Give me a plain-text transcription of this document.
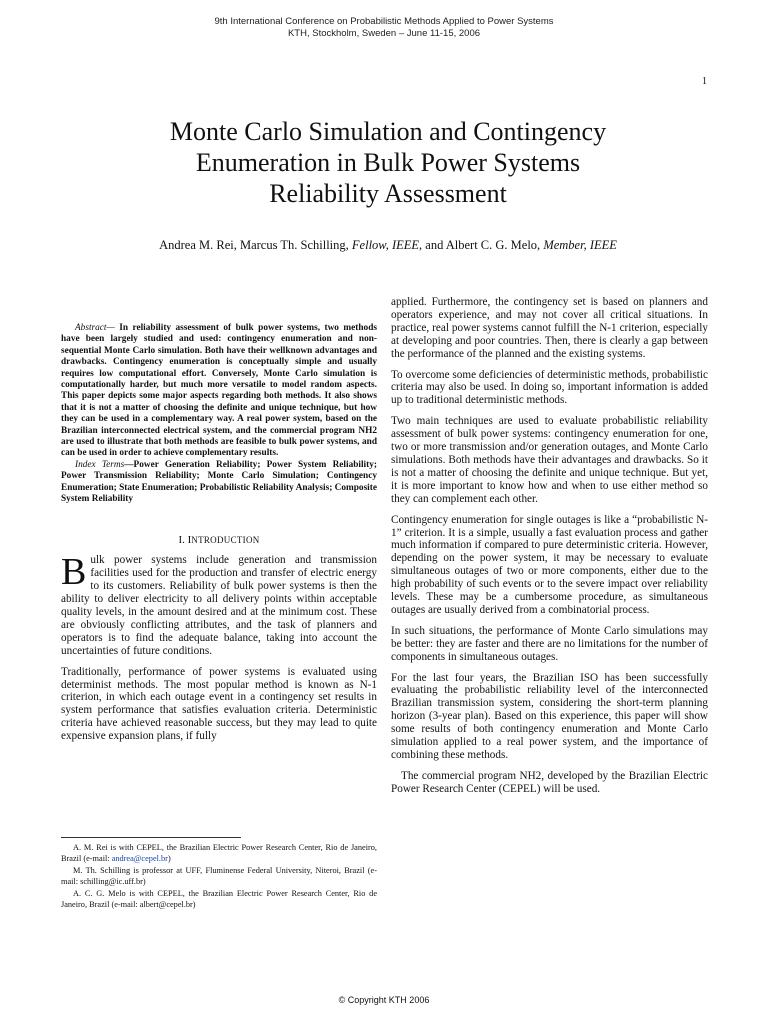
9th International Conference on Probabilistic Methods Applied to Power Systems
KTH, Stockholm, Sweden – June 11-15, 2006
1
Monte Carlo Simulation and Contingency
Enumeration in Bulk Power Systems
Reliability Assessment
Andrea M. Rei, Marcus Th. Schilling, Fellow, IEEE, and Albert C. G. Melo, Member, IEEE

Abstract— In reliability assessment of bulk power systems, two methods have been largely studied and used: contingency enumeration and non-sequential Monte Carlo simulation. Both have their wellknown advantages and drawbacks. Contingency enumeration is conceptually simple and usually requires low computational effort. Conversely, Monte Carlo simulation is computationally harder, but much more versatile to model random aspects. This paper depicts some major aspects regarding both methods. It also shows that it is not a matter of choosing the definite and unique technique, but how they can be used in a complementary way. A real power system, based on the Brazilian interconnected electrical system, and the commercial program NH2 are used to illustrate that both methods are feasible to bulk power systems, and can be used in order to achieve complementary results.

Index Terms—Power Generation Reliability; Power System Reliability; Power Transmission Reliability; Monte Carlo Simulation; Contingency Enumeration; State Enumeration; Probabilistic Reliability Analysis; Composite System Reliability

I. INTRODUCTION

Bulk power systems include generation and transmission facilities used for the production and transfer of electric energy to its customers. Reliability of bulk power systems is then the ability to deliver electricity to all delivery points within acceptable quality levels, in the amount desired and at the minimum cost. These are obviously conflicting attributes, and the task of planners and operators is to find the adequate balance, taking into account the uncertainties of future conditions.

Traditionally, performance of power systems is evaluated using determinist methods. The most popular method is known as N-1 criterion, in which each outage event in a contingency set results in system performance that satisfies evaluation criteria. Deterministic criteria have achieved reasonable success, but they may lead to quite expensive expansion plans, if fully

A. M. Rei is with CEPEL, the Brazilian Electric Power Research Center, Rio de Janeiro, Brazil (e-mail: andrea@cepel.br)

M. Th. Schilling is professor at UFF, Fluminense Federal University, Niteroi, Brazil (e-mail: schilling@ic.uff.br)

A. C. G. Melo is with CEPEL, the Brazilian Electric Power Research Center, Rio de Janeiro, Brazil (e-mail: albert@cepel.br)

applied. Furthermore, the contingency set is based on planners and operators experience, and may not cover all critical situations. In practice, real power systems cannot fulfill the N-1 criterion, especially at developing and poor countries. Then, there is clearly a gap between the performance of the planned and the existing systems.

To overcome some deficiencies of deterministic methods, probabilistic criteria may also be used. In doing so, important information is added up to traditional deterministic methods.

Two main techniques are used to evaluate probabilistic reliability assessment of bulk power systems: contingency enumeration for one, two or more transmission and/or generation outages, and Monte Carlo simulations. Both methods have their advantages and drawbacks. So it is not a matter of choosing the definite and unique technique. But yet, it is more important to know how and when to use either method so they can complement each other.

Contingency enumeration for single outages is like a “probabilistic N-1” criterion. It is a simple, usually a fast evaluation process and gather much information if compared to pure deterministic criteria. However, depending on the power system, it may be necessary to evaluate simultaneous outages of two or more components, either due to the high probability of such events or to the severe impact over reliability levels. These may be a cumbersome procedure, as simultaneous outages are usually derived from a combinatorial process.

In such situations, the performance of Monte Carlo simulations may be better: they are faster and there are no limitations for the number of components in simultaneous outages.

For the last four years, the Brazilian ISO has been successfully evaluating the probabilistic reliability level of the interconnected Brazilian transmission system, considering the short-term planning horizon (3-year plan). Based on this experience, this paper will show some results of both contingency enumeration and Monte Carlo simulation applied to a real power system, and the importance of combining these methods.

The commercial program NH2, developed by the Brazilian Electric Power Research Center (CEPEL) will be used.

© Copyright KTH 2006
